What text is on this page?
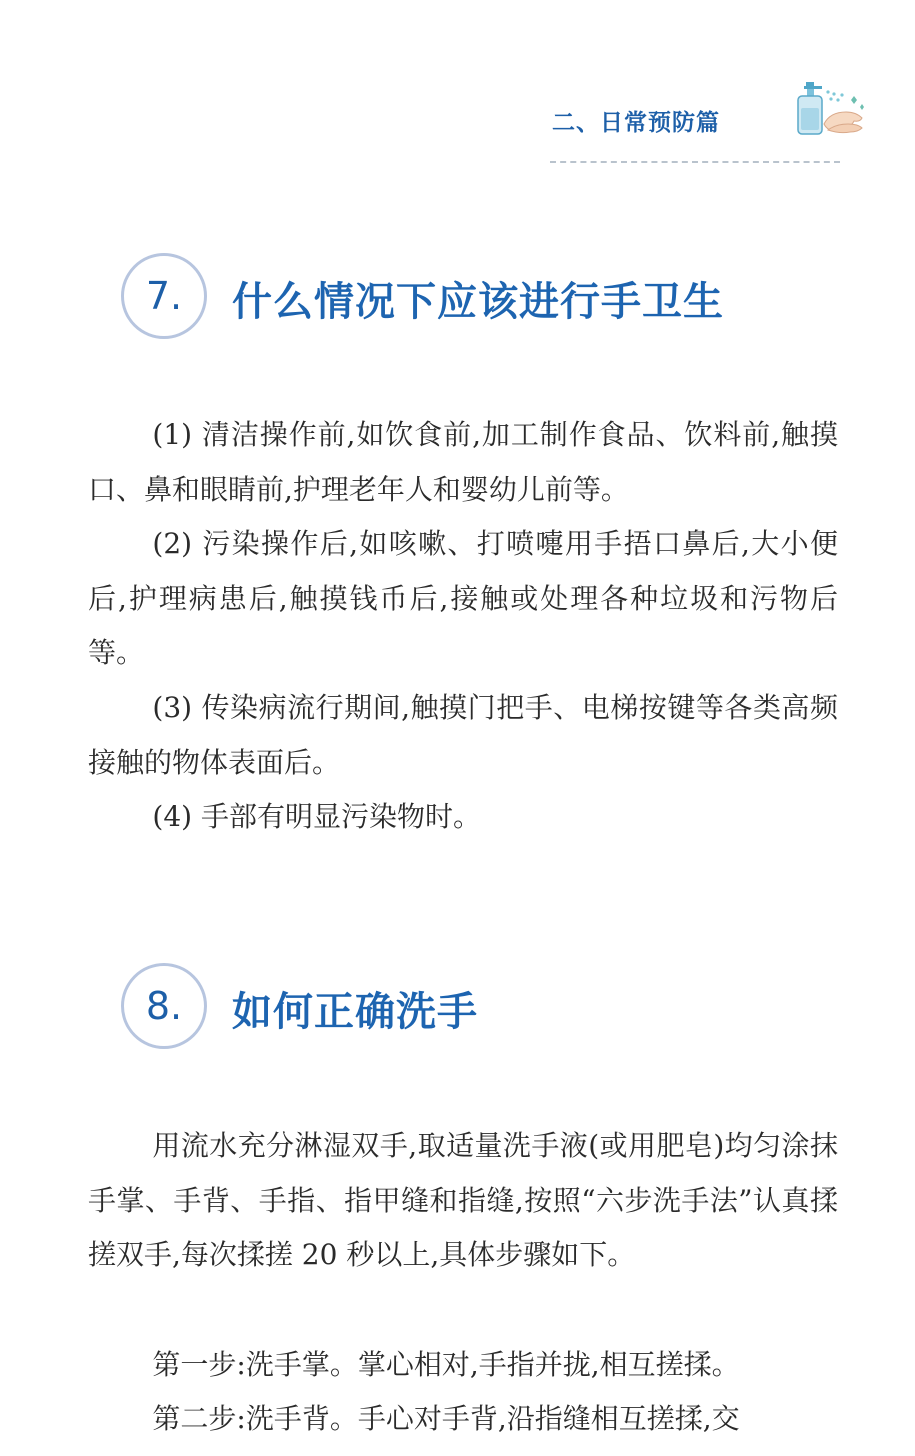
二、日常预防篇
7.	什么情况下应该进行手卫生

(1) 清洁操作前,如饮食前,加工制作食品、饮料前,触摸口、鼻和眼睛前,护理老年人和婴幼儿前等。

(2) 污染操作后,如咳嗽、打喷嚏用手捂口鼻后,大小便后,护理病患后,触摸钱币后,接触或处理各种垃圾和污物后等。

(3) 传染病流行期间,触摸门把手、电梯按键等各类高频接触的物体表面后。

(4) 手部有明显污染物时。

8.	如何正确洗手

用流水充分淋湿双手,取适量洗手液(或用肥皂)均匀涂抹手掌、手背、手指、指甲缝和指缝,按照“六步洗手法”认真揉搓双手,每次揉搓 20 秒以上,具体步骤如下。

第一步:洗手掌。掌心相对,手指并拢,相互搓揉。

第二步:洗手背。手心对手背,沿指缝相互搓揉,交
